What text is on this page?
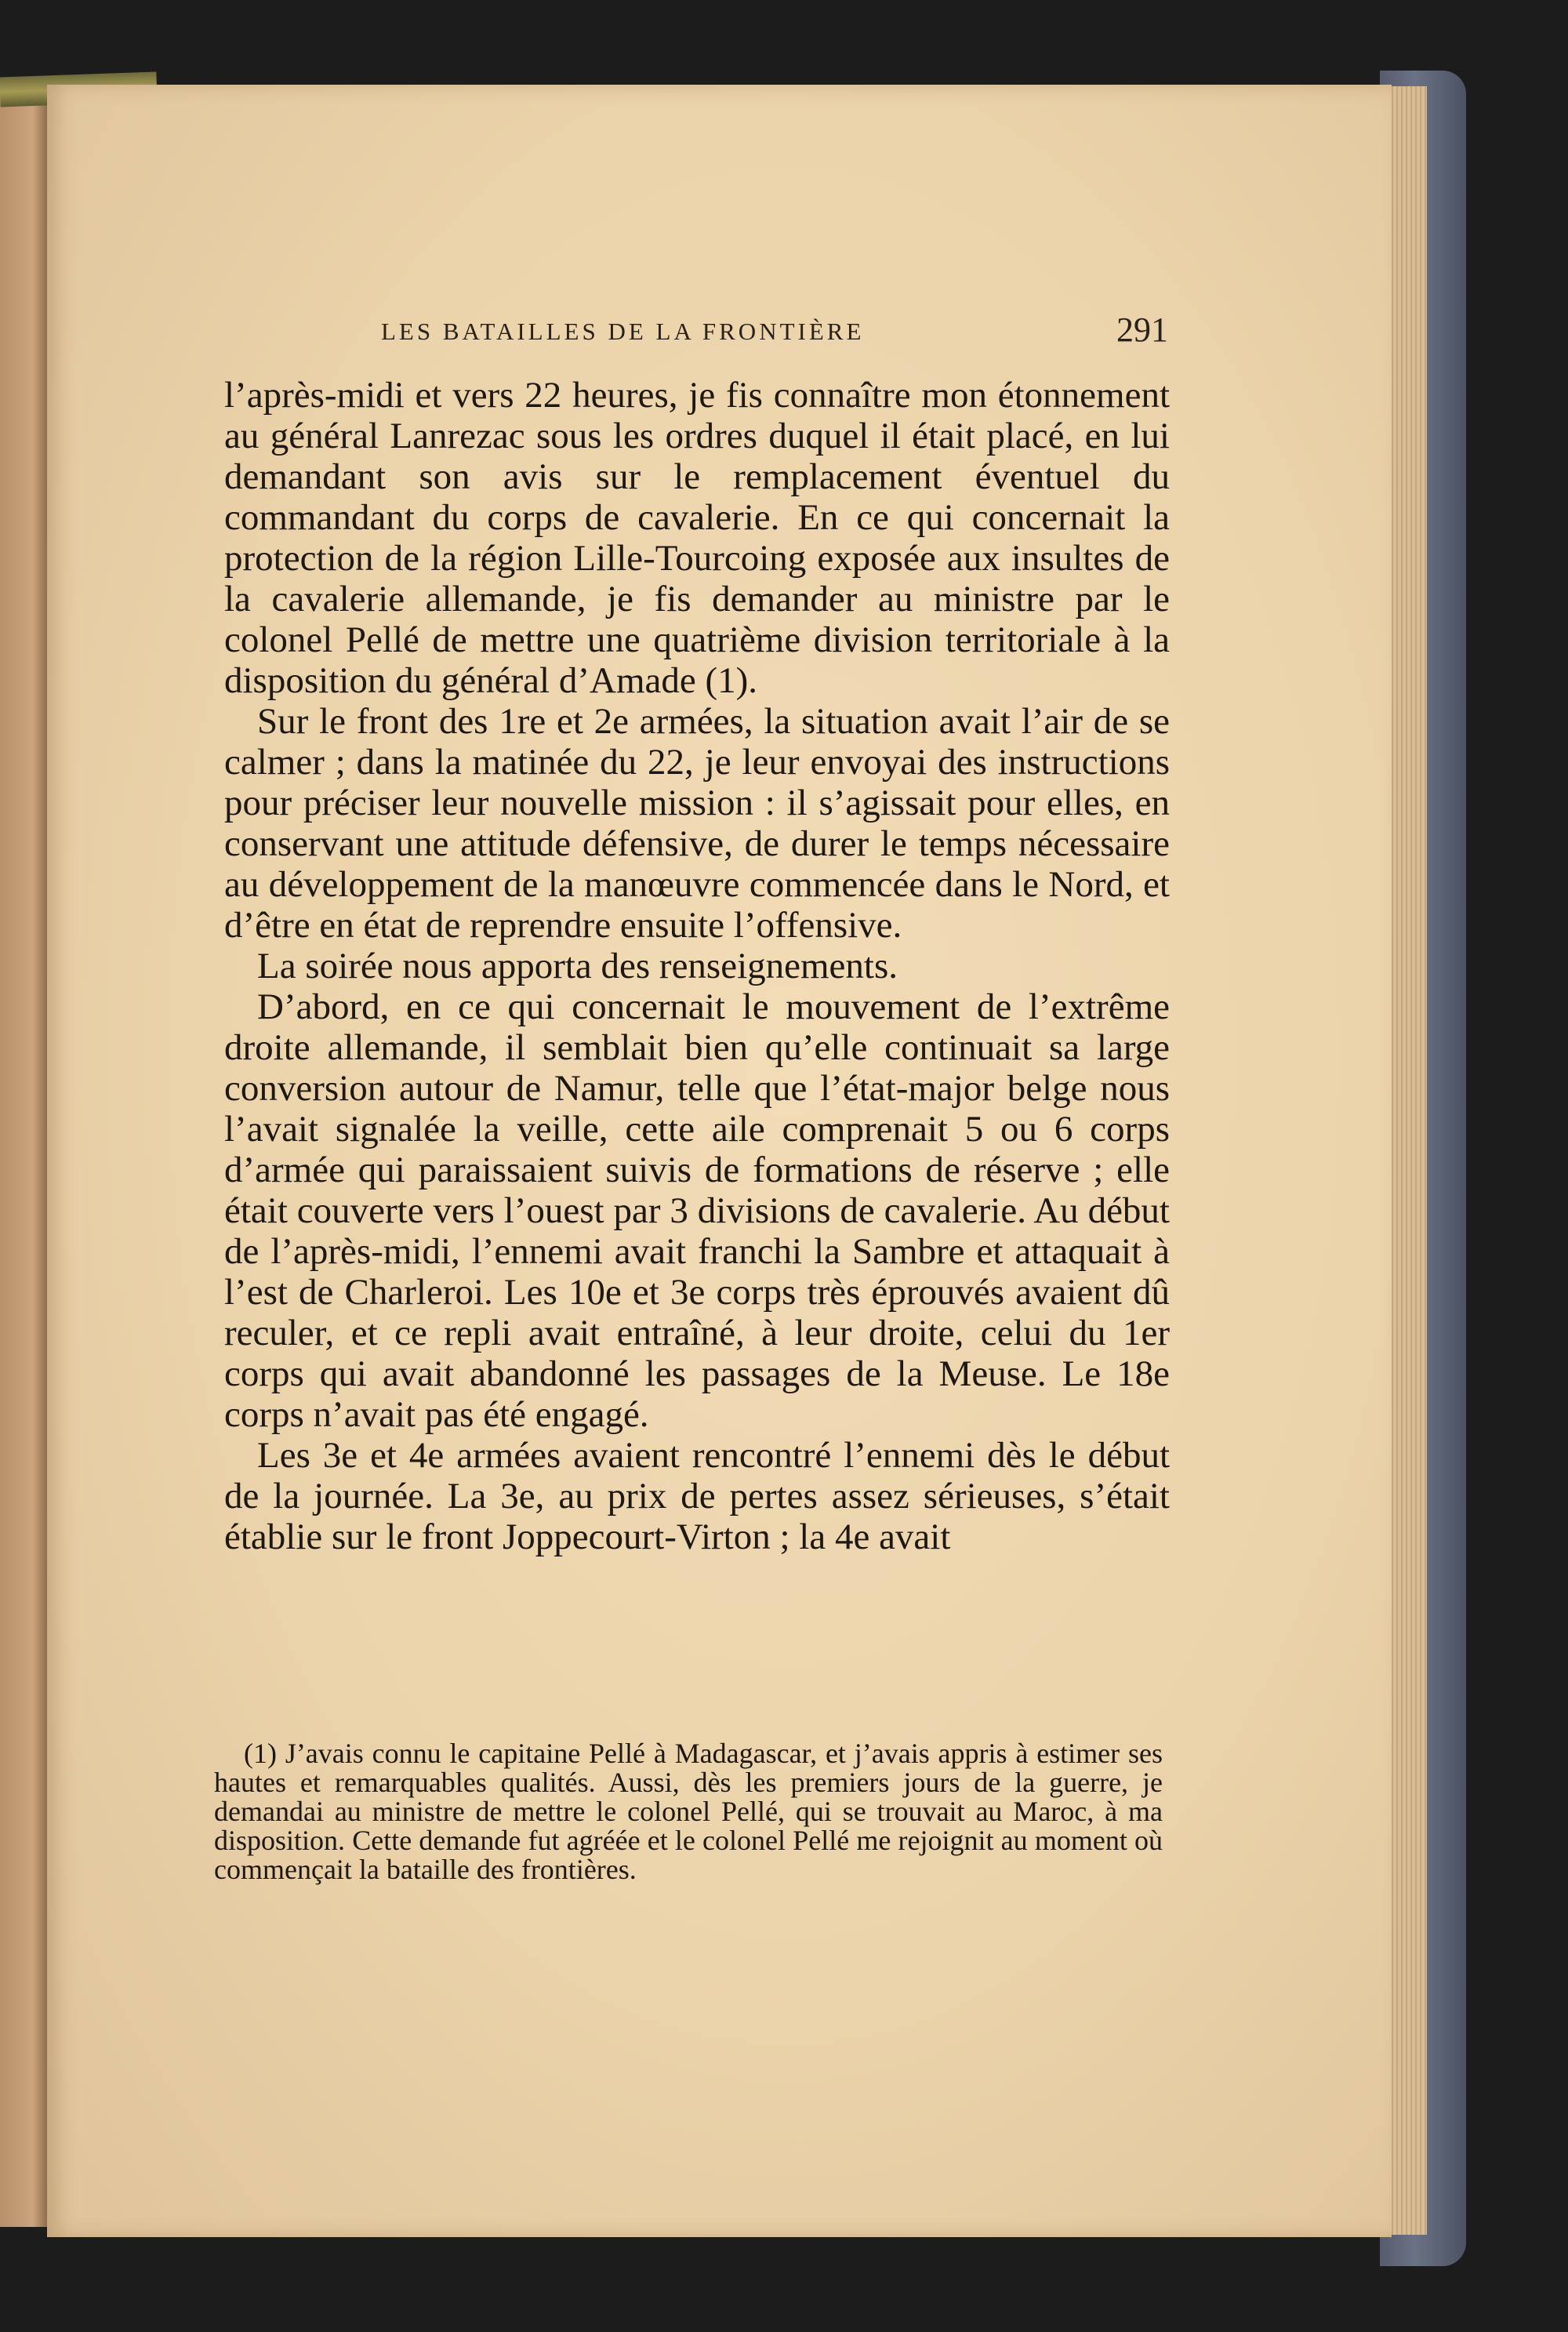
LES BATAILLES DE LA FRONTIÈRE	291

l’après-midi et vers 22 heures, je fis connaître mon étonnement au général Lanrezac sous les ordres duquel il était placé, en lui demandant son avis sur le remplacement éventuel du commandant du corps de cavalerie. En ce qui concernait la protection de la région Lille-Tourcoing exposée aux insultes de la cavalerie allemande, je fis demander au ministre par le colonel Pellé de mettre une quatrième division territoriale à la disposition du général d’Amade (1).

Sur le front des 1re et 2e armées, la situation avait l’air de se calmer ; dans la matinée du 22, je leur envoyai des instructions pour préciser leur nouvelle mission : il s’agissait pour elles, en conservant une attitude défensive, de durer le temps nécessaire au développement de la manœuvre commencée dans le Nord, et d’être en état de reprendre ensuite l’offensive.

La soirée nous apporta des renseignements.

D’abord, en ce qui concernait le mouvement de l’extrême droite allemande, il semblait bien qu’elle continuait sa large conversion autour de Namur, telle que l’état-major belge nous l’avait signalée la veille, cette aile comprenait 5 ou 6 corps d’armée qui paraissaient suivis de formations de réserve ; elle était couverte vers l’ouest par 3 divisions de cavalerie. Au début de l’après-midi, l’ennemi avait franchi la Sambre et attaquait à l’est de Charleroi. Les 10e et 3e corps très éprouvés avaient dû reculer, et ce repli avait entraîné, à leur droite, celui du 1er corps qui avait abandonné les passages de la Meuse. Le 18e corps n’avait pas été engagé.

Les 3e et 4e armées avaient rencontré l’ennemi dès le début de la journée. La 3e, au prix de pertes assez sérieuses, s’était établie sur le front Joppecourt-Virton ; la 4e avait

(1) J’avais connu le capitaine Pellé à Madagascar, et j’avais appris à estimer ses hautes et remarquables qualités. Aussi, dès les premiers jours de la guerre, je demandai au ministre de mettre le colonel Pellé, qui se trouvait au Maroc, à ma disposition. Cette demande fut agréée et le colonel Pellé me rejoignit au moment où commençait la bataille des frontières.
